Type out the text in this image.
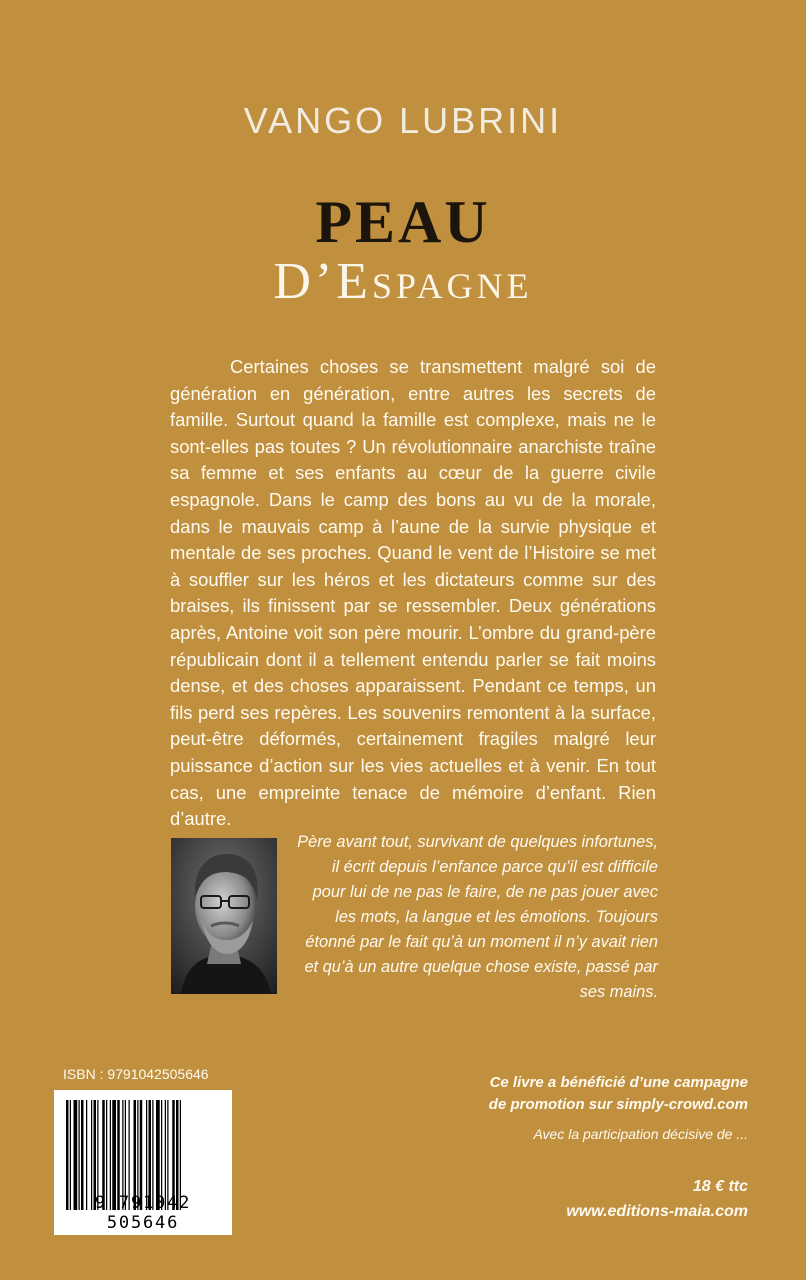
VANGO LUBRINI
PEAU
D’Espagne

Certaines choses se transmettent malgré soi de génération en génération, entre autres les secrets de famille. Surtout quand la famille est complexe, mais ne le sont-elles pas toutes ? Un révolutionnaire anarchiste traîne sa femme et ses enfants au cœur de la guerre civile espagnole. Dans le camp des bons au vu de la morale, dans le mauvais camp à l’aune de la survie physique et mentale de ses proches. Quand le vent de l’Histoire se met à souffler sur les héros et les dictateurs comme sur des braises, ils finissent par se ressembler. Deux générations après, Antoine voit son père mourir. L’ombre du grand-père républicain dont il a tellement entendu parler se fait moins dense, et des choses apparaissent. Pendant ce temps, un fils perd ses repères. Les souvenirs remontent à la surface, peut-être déformés, certainement fragiles malgré leur puissance d’action sur les vies actuelles et à venir. En tout cas, une empreinte tenace de mémoire d’enfant. Rien d’autre.

Père avant tout, survivant de quelques infortunes, il écrit depuis l’enfance parce qu’il est difficile pour lui de ne pas le faire, de ne pas jouer avec les mots, la langue et les émotions. Toujours étonné par le fait qu’à un moment il n’y avait rien et qu’à un autre quelque chose existe, passé par ses mains.

ISBN : 9791042505646
9 791042 505646
Ce livre a bénéficié d’une campagne
de promotion sur simply-crowd.com
Avec la participation décisive de ...
18 € ttc
www.editions-maia.com
